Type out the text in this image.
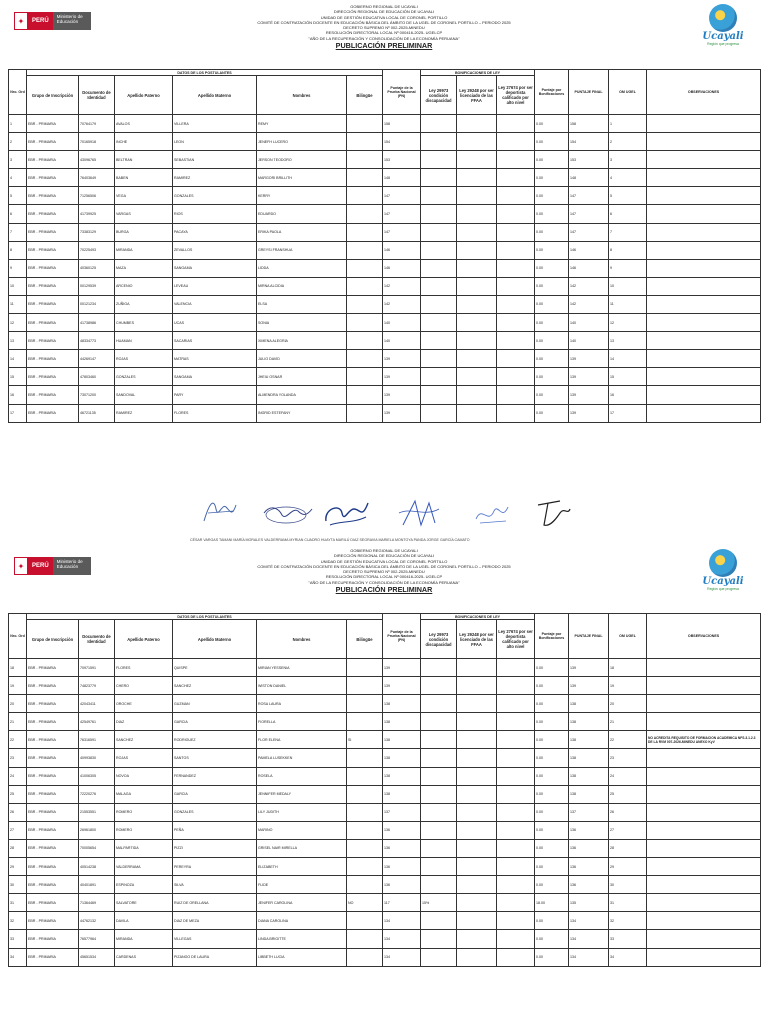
✦	PERÚ
Ministerio de Educación
Ucayali
Región que progresa
GOBIERNO REGIONAL DE UCAYALI
DIRECCIÓN REGIONAL DE EDUCACIÓN DE UCAYALI
UNIDAD DE GESTIÓN EDUCATIVA LOCAL DE CORONEL PORTILLO
COMITÉ DE CONTRATACIÓN DOCENTE EN EDUCACIÓN BÁSICA DEL ÁMBITO DE LA UGEL DE CORONEL PORTILLO – PERIODO 2025
DECRETO SUPREMO Nº 002-2025-MINEDU
RESOLUCIÓN DIRECTORAL LOCAL Nº 000416-2025- UGELCP
"AÑO DE LA RECUPERACIÓN Y CONSOLIDACIÓN DE LA ECONOMÍA PERUANA"
PUBLICACIÓN PRELIMINAR
Nro. Ord	DATOS DE LOS POSTULANTES						Puntaje de la Prueba Nacional (PN)	BONIFICACIONES DE LEY			Puntaje por Bonificaciones	PUNTAJE FINAL	OM UGEL	OBSERVACIONES
	Grupo de Inscripción	Documento de Identidad	Apellido Paterno	Apellido Materno	Nombres	Bilingüe		Ley 29973 condición discapacidad	Ley 29248 por ser licenciado de las FFAA	Ley 27674 por ser deportista calificado por alto nivel				
1	EBR - PRIMARIA	70764179	AVALOS	VILLERA	REMY		158				0.00	158	1	
2	EBR - PRIMARIA	70165918	INCHE	LEON	JENEFH LUCERO		154				0.00	154	2	
3	EBR - PRIMARIA	43096765	BELTRAN	SEBASTIAN	JERSON TEODORO		153				0.00	153	3	
4	EBR - PRIMARIA	76403649	BABEN	RAMIREZ	MARGORI BRILLITH		148				0.00	148	4	
5	EBR - PRIMARIA	71256506	VEGA	GONZALES	KERRY		147				0.00	147	5	
6	EBR - PRIMARIA	41739925	VARGAS	RIOS	EDUARDO		147				0.00	147	6	
7	EBR - PRIMARIA	73383129	BURGA	PACAYA	ERIKA PAOLA		147				0.00	147	7	
8	EBR - PRIMARIA	70225493	MIRANDA	ZEVALLOS	GREYSI FRANSHUA		146				0.00	146	8	
9	EBR - PRIMARIA	40360125	MAZA	SANGAMA	LIDDA		146				0.00	146	9	
10	EBR - PRIMARIA	00129539	ARCENIO	LEVEAU	MIRNA ALCIDIA		142				0.00	142	10	
11	EBR - PRIMARIA	00121234	ZUÑIGA	VALENCIA	ELSA		142				0.00	142	11	
12	EBR - PRIMARIA	41738986	CHUMBES	UCAS	SONIA		140				0.00	140	12	
13	EBR - PRIMARIA	48334773	HUAMAN	SACARIAS	XIMENA ALEGRIA		140				0.00	140	13	
14	EBR - PRIMARIA	44269147	ROJAS	MATRAS	JULIO DAVID		139				0.00	139	14	
15	EBR - PRIMARIA	47803460	GONZALES	SANGAMA	JHEIU OSNAR		139				0.00	139	15	
16	EBR - PRIMARIA	73071200	SANDOVAL	PARY	ALMENDRA YOLANDA		139				0.00	139	16	
17	EBR - PRIMARIA	46721135	RAMIREZ	FLORES	INGRID ESTEFANY		139				0.00	139	17	
CÉSAR VARGAS TAMANI MARÍA MORALES VALDERRAMA MYRIAN CUADRO HUAYTA MARILÚ DIAZ SEGRAVIA MARIELA MONTOYA PANDA JORGE GARCÍA CAMATO
✦	PERÚ
Ministerio de Educación
Ucayali
Región que progresa
GOBIERNO REGIONAL DE UCAYALI
DIRECCIÓN REGIONAL DE EDUCACIÓN DE UCAYALI
UNIDAD DE GESTIÓN EDUCATIVA LOCAL DE CORONEL PORTILLO
COMITÉ DE CONTRATACIÓN DOCENTE EN EDUCACIÓN BÁSICA DEL ÁMBITO DE LA UGEL DE CORONEL PORTILLO – PERIODO 2025
DECRETO SUPREMO Nº 002-2025-MINEDU
RESOLUCIÓN DIRECTORAL LOCAL Nº 000416-2025- UGELCP
"AÑO DE LA RECUPERACIÓN Y CONSOLIDACIÓN DE LA ECONOMÍA PERUANA"
PUBLICACIÓN PRELIMINAR
Nro. Ord	DATOS DE LOS POSTULANTES						Puntaje de la Prueba Nacional (PN)	BONIFICACIONES DE LEY			Puntaje por Bonificaciones	PUNTAJE FINAL	OM UGEL	OBSERVACIONES
	Grupo de Inscripción	Documento de Identidad	Apellido Paterno	Apellido Materno	Nombres	Bilingüe		Ley 29973 condición discapacidad	Ley 29248 por ser licenciado de las FFAA	Ley 27674 por ser deportista calificado por alto nivel				
18	EBR - PRIMARIA	70971591	FLORES	QUISPE	MIRIAN YESSENIA		139				0.00	139	18	
19	EBR - PRIMARIA	74823779	CHERO	SANCHEZ	WISTON DANIEL		139				0.00	139	19	
20	EBR - PRIMARIA	42043411	OROCHE	GUZMAN	ROSA LAURA		138				0.00	138	20	
21	EBR - PRIMARIA	42549761	DIAZ	GARCIA	FIORELLA		138				0.00	138	21	
22	EBR - PRIMARIA	76316591	SANCHEZ	RODRIGUEZ	FLOR ELENA	SI	138				0.00	138	22	NO ACREDITA REQUISITO DE FORMACION ACADEMICA NFS.3.1.2.3 DE LA RVM 007-2026-MINEDU ANEXO KyV
23	EBR - PRIMARIA	40993830	ROJAS	SANTOS	PAMELA LUSEKKEN		138				0.00	138	23	
24	EBR - PRIMARIA	41006305	NOVOA	FERNANDEZ	ROSELA		138				0.00	138	24	
25	EBR - PRIMARIA	72220276	MALAGA	GARCIA	JENNIFER MEDALY		138				0.00	138	25	
26	EBR - PRIMARIA	21553551	ROMERO	GONZALES	LILY JUDITH		137				0.00	137	26	
27	EBR - PRIMARIA	26961800	ROMERO	PEÑA	MARINO		136				0.00	136	27	
28	EBR - PRIMARIA	70005654	MALPARTIDA	PIZZI	GRISEL NAIR MIRELLA		136				0.00	136	28	
29	EBR - PRIMARIA	40514238	VALDERRAMA	PEREYRA	ELIZABETH		136				0.00	136	29	
30	EBR - PRIMARIA	40401891	ESPINOZA	SILVA	FLIDE		136				0.00	136	30	
31	EBR - PRIMARIA	71364469	SALVATORE	RUIZ DE ORELLANA	JENIFER CAROLINA	NO	117	15%			18.00	135	31	
32	EBR - PRIMARIA	44762132	DAVILA	DIAZ DE MEZA	DIANA CAROLINA		134				0.00	134	32	
33	EBR - PRIMARIA	76577964	MIRANDA	VILLEGAS	LINDA BRIGITTE		134				0.00	134	33	
34	EBR - PRIMARIA	45651534	CARDENAS	PIZANGO DE LAURA	LIBBETH LUCIA		134				0.00	134	34	
